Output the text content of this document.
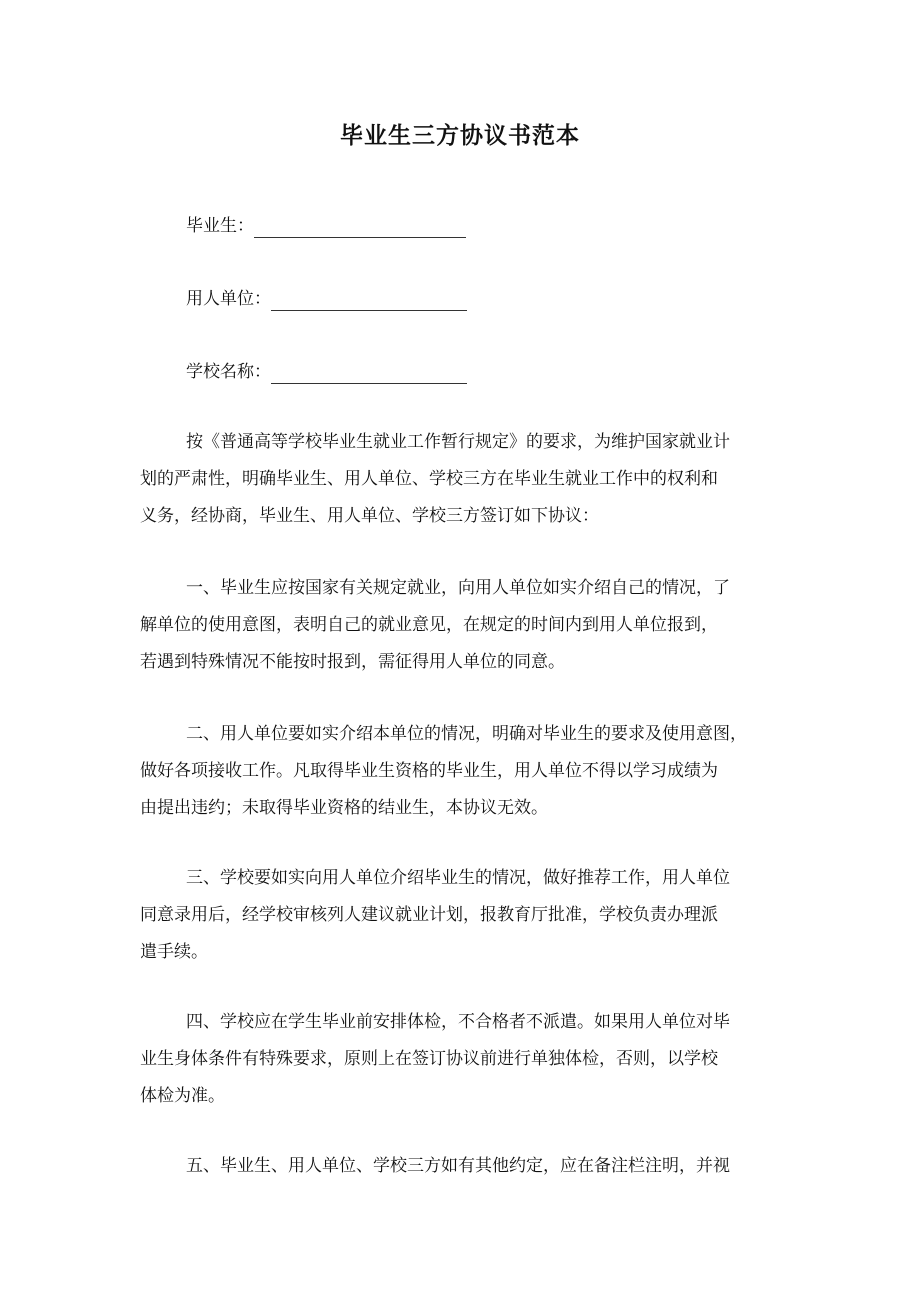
毕业生三方协议书范本
毕业生：
用人单位：
学校名称：
按《普通高等学校毕业生就业工作暂行规定》的要求，为维护国家就业计
划的严肃性，明确毕业生、用人单位、学校三方在毕业生就业工作中的权利和
义务，经协商，毕业生、用人单位、学校三方签订如下协议：
一、毕业生应按国家有关规定就业，向用人单位如实介绍自己的情况，了
解单位的使用意图，表明自己的就业意见，在规定的时间内到用人单位报到，
若遇到特殊情况不能按时报到，需征得用人单位的同意。
二、用人单位要如实介绍本单位的情况，明确对毕业生的要求及使用意图，
做好各项接收工作。凡取得毕业生资格的毕业生，用人单位不得以学习成绩为
由提出违约；未取得毕业资格的结业生，本协议无效。
三、学校要如实向用人单位介绍毕业生的情况，做好推荐工作，用人单位
同意录用后，经学校审核列人建议就业计划，报教育厅批准，学校负责办理派
遣手续。
四、学校应在学生毕业前安排体检，不合格者不派遣。如果用人单位对毕
业生身体条件有特殊要求，原则上在签订协议前进行单独体检，否则，以学校
体检为准。
五、毕业生、用人单位、学校三方如有其他约定，应在备注栏注明，并视
